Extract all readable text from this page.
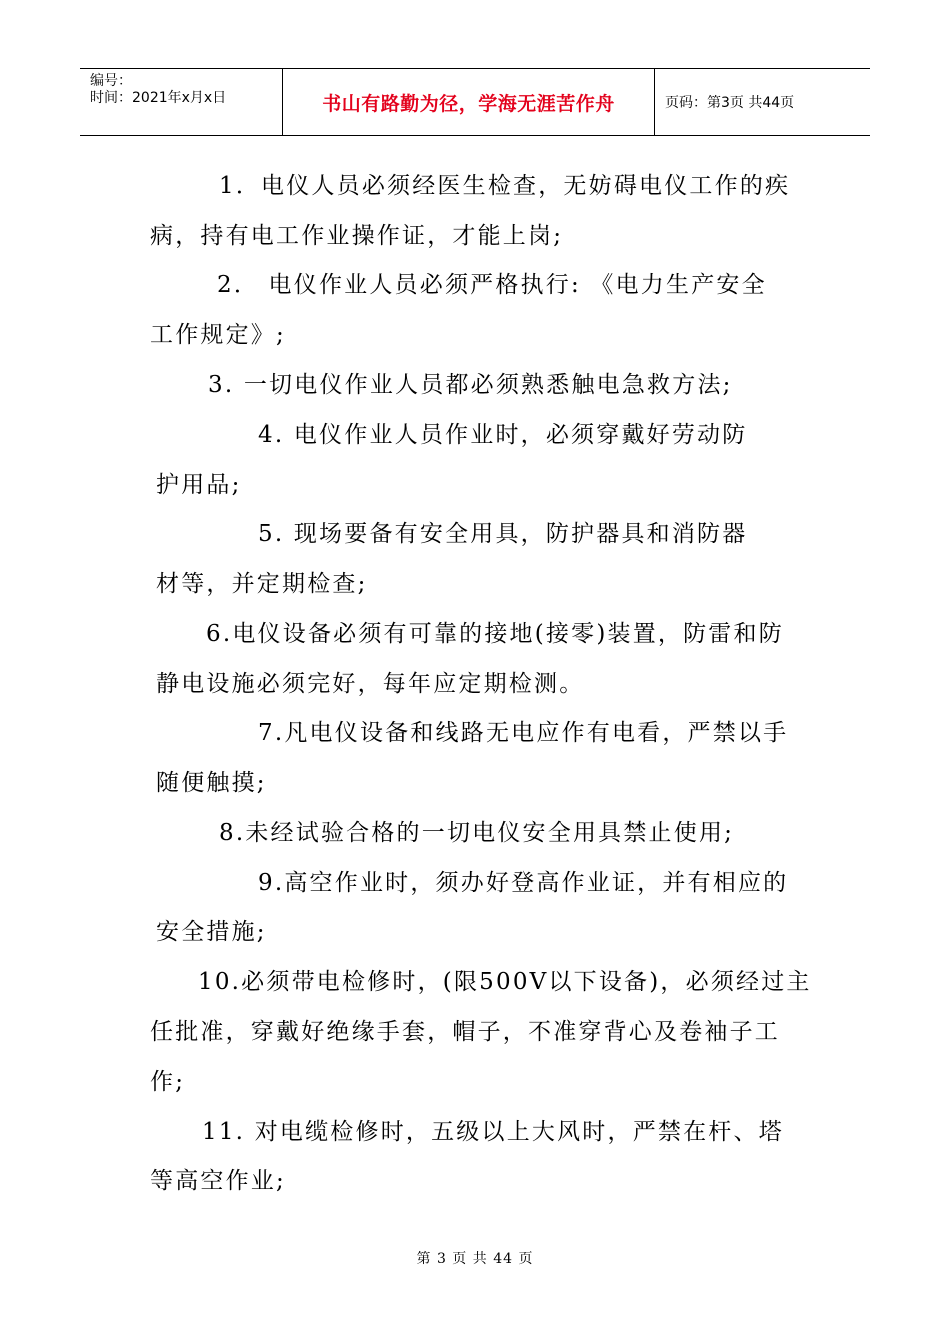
编号：
时间：2021年x月x日	书山有路勤为径，学海无涯苦作舟	页码：第3页 共44页
1．电仪人员必须经医生检查，无妨碍电仪工作的疾
病，持有电工作业操作证，才能上岗;
2． 电仪作业人员必须严格执行: 《电力生产安全
工作规定》;
3. 一切电仪作业人员都必须熟悉触电急救方法;
4. 电仪作业人员作业时，必须穿戴好劳动防
护用品;
5. 现场要备有安全用具，防护器具和消防器
材等，并定期检查;
6.电仪设备必须有可靠的接地(接零)装置，防雷和防
静电设施必须完好，每年应定期检测。
7.凡电仪设备和线路无电应作有电看，严禁以手
随便触摸;
8.未经试验合格的一切电仪安全用具禁止使用;
9.高空作业时，须办好登高作业证，并有相应的
安全措施;
10.必须带电检修时，(限500V以下设备)，必须经过主
任批准，穿戴好绝缘手套，帽子，不准穿背心及卷袖子工
作;
11. 对电缆检修时，五级以上大风时，严禁在杆、塔
等高空作业;
第 3 页 共 44 页
